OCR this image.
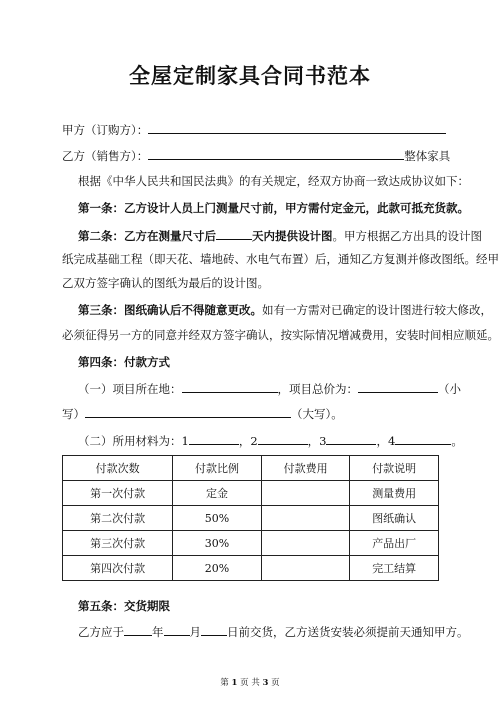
全屋定制家具合同书范本
甲方（订购方）：
乙方（销售方）：	整体家具
根据《中华人民共和国民法典》的有关规定，经双方协商一致达成协议如下：
第一条：乙方设计人员上门测量尺寸前，甲方需付定金元，此款可抵充货款。
第二条：乙方在测量尺寸后	天内提供设计图。甲方根据乙方出具的设计图
纸完成基础工程（即天花、墙地砖、水电气布置）后，通知乙方复测并修改图纸。经甲
乙双方签字确认的图纸为最后的设计图。
第三条：图纸确认后不得随意更改。如有一方需对已确定的设计图进行较大修改，
必须征得另一方的同意并经双方签字确认，按实际情况增减费用，安装时间相应顺延。
第四条：付款方式
（一）项目所在地：	，项目总价为：	（小
写）	（大写）。
（二）所用材料为：1	，2	，3	，4	。
付款次数	付款比例	付款费用	付款说明
第一次付款	定金		测量费用
第二次付款	50%		图纸确认
第三次付款	30%		产品出厂
第四次付款	20%		完工结算
第五条：交货期限
乙方应于 年 月 日前交货，乙方送货安装必须提前天通知甲方。
第 1 页 共 3 页
